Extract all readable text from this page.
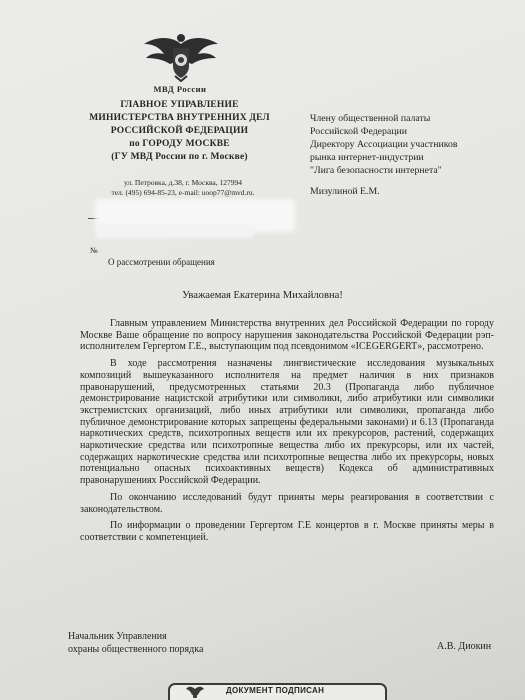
МВД России
ГЛАВНОЕ УПРАВЛЕНИЕ
МИНИСТЕРСТВА ВНУТРЕННИХ ДЕЛ
РОССИЙСКОЙ ФЕДЕРАЦИИ
по ГОРОДУ МОСКВЕ
(ГУ МВД России по г. Москве)
ул. Петровка, д.38, г. Москва, 127994
тел. (495) 694-85-23, e-mail: uoop77@mvd.ru.
№
О рассмотрении обращения
Члену общественной палаты
Российской Федерации
Директору Ассоциации участников
рынка интернет-индустрии
"Лига безопасности интернета"
Мизулиной Е.М.
Уважаемая Екатерина Михайловна!

Главным управлением Министерства внутренних дел Российской Федерации по городу Москве Ваше обращение по вопросу нарушения законодательства Российской Федерации рэп-исполнителем Гергертом Г.Е., выступающим под псевдонимом «ICEGERGERT», рассмотрено.

В ходе рассмотрения назначены лингвистические исследования музыкальных композиций вышеуказанного исполнителя на предмет наличия в них признаков правонарушений, предусмотренных статьями 20.3 (Пропаганда либо публичное демонстрирование нацистской атрибутики или символики, либо атрибутики или символики экстремистских организаций, либо иных атрибутики или символики, пропаганда либо публичное демонстрирование которых запрещены федеральными законами) и 6.13 (Пропаганда наркотических средств, психотропных веществ или их прекурсоров, растений, содержащих наркотические средства или психотропные вещества либо их прекурсоры, или их частей, содержащих наркотические средства или психотропные вещества либо их прекурсоры, новых потенциально опасных психоактивных веществ) Кодекса об административных правонарушениях Российской Федерации.

По окончанию исследований будут приняты меры реагирования в соответствии с законодательством.

По информации о проведении Гергертом Г.Е концертов в г. Москве приняты меры в соответствии с компетенцией.

Начальник Управления
охраны общественного порядка	А.В. Диокин
ДОКУМЕНТ ПОДПИСАН
